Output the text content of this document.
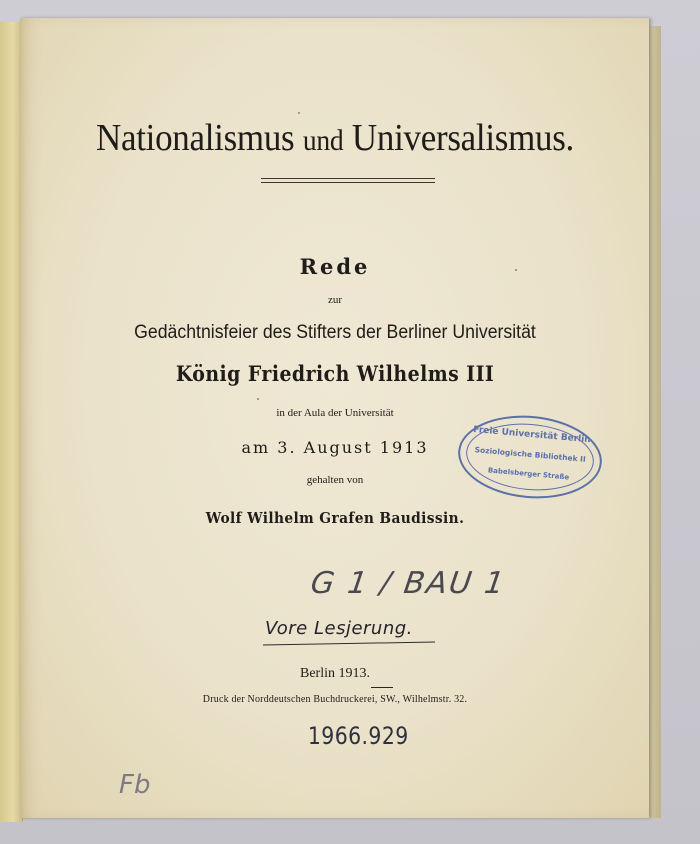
Nationalismus und Universalismus.
Rede
zur
Gedächtnisfeier des Stifters der Berliner Universität
König Friedrich Wilhelms III
in der Aula der Universität
am 3. August 1913
gehalten von
Wolf Wilhelm Grafen Baudissin.
Freie Universität Berlin
Soziologische Bibliothek II
Babelsberger Straße
G 1 / BAU 1
Vore Lesjerung.
Berlin 1913.
Druck der Norddeutschen Buchdruckerei, SW., Wilhelmstr. 32.
1966.929
Fb
